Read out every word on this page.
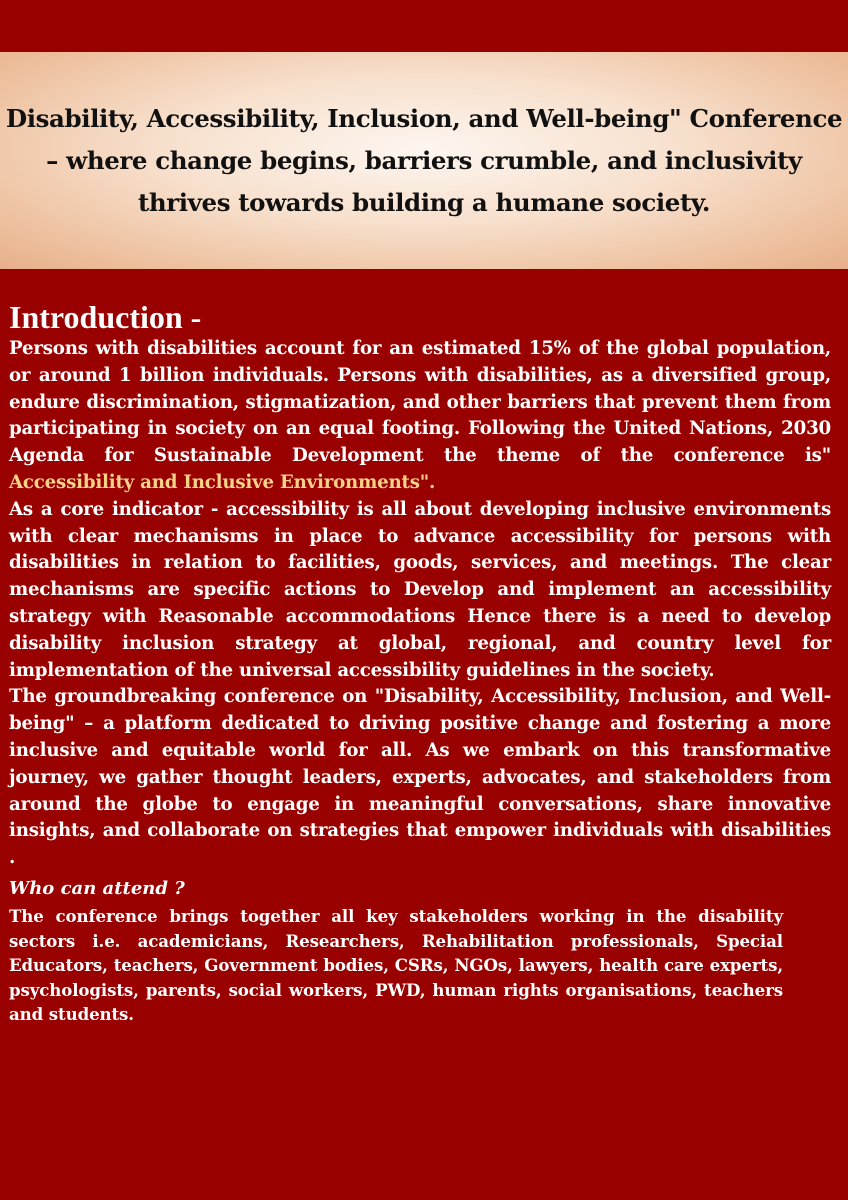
Disability, Accessibility, Inclusion, and Well-being" Conference – where change begins, barriers crumble, and inclusivity thrives towards building a humane society.
Introduction -

Persons with disabilities account for an estimated 15% of the global population, or around 1 billion individuals. Persons with disabilities, as a diversified group, endure discrimination, stigmatization, and other barriers that prevent them from participating in society on an equal footing. Following the United Nations, 2030 Agenda for Sustainable Development the theme of the conference is" Accessibility and Inclusive Environments".

As a core indicator - accessibility is all about developing inclusive environments with clear mechanisms in place to advance accessibility for persons with disabilities in relation to facilities, goods, services, and meetings. The clear mechanisms are specific actions to Develop and implement an accessibility strategy with Reasonable accommodations Hence there is a need to develop disability inclusion strategy at global, regional, and country level for implementation of the universal accessibility guidelines in the society.

The groundbreaking conference on "Disability, Accessibility, Inclusion, and Well-being" – a platform dedicated to driving positive change and fostering a more inclusive and equitable world for all. As we embark on this transformative journey, we gather thought leaders, experts, advocates, and stakeholders from around the globe to engage in meaningful conversations, share innovative insights, and collaborate on strategies that empower individuals with disabilities .

Who can attend ?

The conference brings together all key stakeholders working in the disability sectors i.e. academicians, Researchers, Rehabilitation professionals, Special Educators, teachers, Government bodies, CSRs, NGOs, lawyers, health care experts, psychologists, parents, social workers, PWD, human rights organisations, teachers and students.
